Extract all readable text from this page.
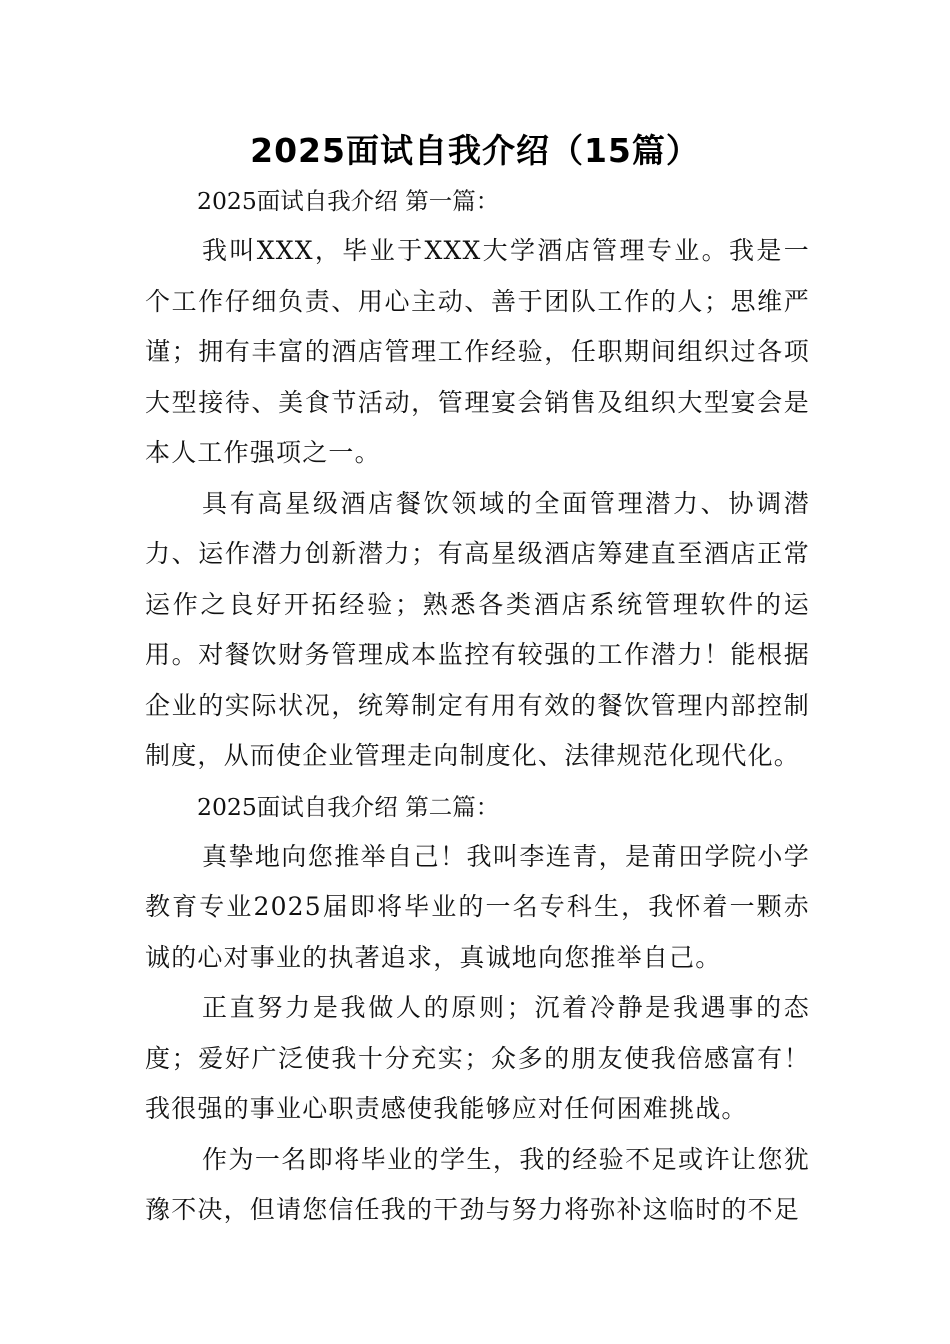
2025面试自我介绍（15篇）

2025面试自我介绍 第一篇：

我叫XXX，毕业于XXX大学酒店管理专业。我是一个工作仔细负责、用心主动、善于团队工作的人；思维严谨；拥有丰富的酒店管理工作经验，任职期间组织过各项大型接待、美食节活动，管理宴会销售及组织大型宴会是本人工作强项之一。

具有高星级酒店餐饮领域的全面管理潜力、协调潜力、运作潜力创新潜力；有高星级酒店筹建直至酒店正常运作之良好开拓经验；熟悉各类酒店系统管理软件的运用。对餐饮财务管理成本监控有较强的工作潜力！能根据企业的实际状况，统筹制定有用有效的餐饮管理内部控制制度，从而使企业管理走向制度化、法律规范化现代化。

2025面试自我介绍 第二篇：

真挚地向您推举自己！我叫李连青，是莆田学院小学教育专业2025届即将毕业的一名专科生，我怀着一颗赤诚的心对事业的执著追求，真诚地向您推举自己。

正直努力是我做人的原则；沉着冷静是我遇事的态度；爱好广泛使我十分充实；众多的朋友使我倍感富有！我很强的事业心职责感使我能够应对任何困难挑战。

作为一名即将毕业的学生，我的经验不足或许让您犹豫不决，但请您信任我的干劲与努力将弥补这临时的不足
